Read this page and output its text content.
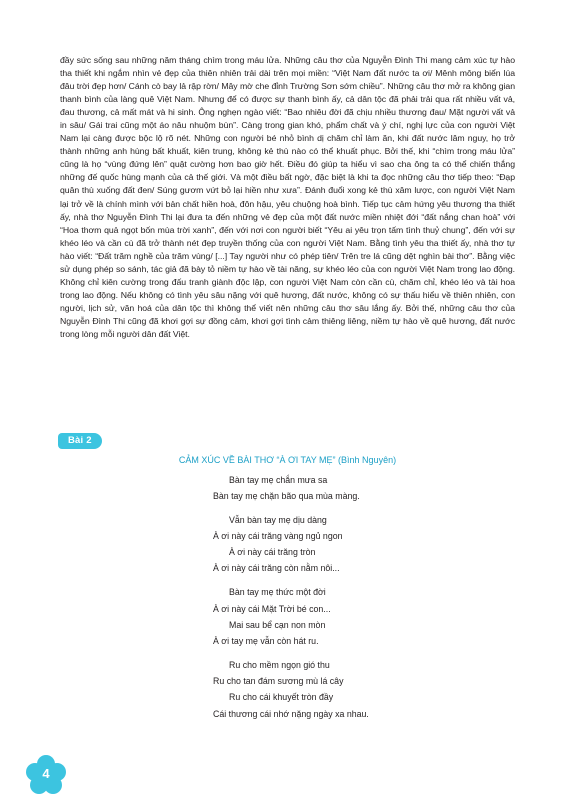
đầy sức sống sau những năm tháng chìm trong máu lửa. Những câu thơ của Nguyễn Đình Thi mang cảm xúc tự hào tha thiết khi ngắm nhìn vẻ đẹp của thiên nhiên trải dài trên mọi miền: “Việt Nam đất nước ta ơi/ Mênh mông biển lúa đâu trời đẹp hơn/ Cánh cò bay lả rập rờn/ Mây mờ che đỉnh Trường Sơn sớm chiều”. Những câu thơ mở ra không gian thanh bình của làng quê Việt Nam. Nhưng để có được sự thanh bình ấy, cả dân tộc đã phải trải qua rất nhiều vất vả, đau thương, cả mất mát và hi sinh. Ông nghẹn ngào viết: “Bao nhiêu đời đã chịu nhiều thương đau/ Mặt người vất vả in sâu/ Gái trai cũng một áo nâu nhuộm bùn”. Càng trong gian khó, phẩm chất và ý chí, nghị lực của con người Việt Nam lại càng được bộc lộ rõ nét. Những con người bé nhỏ bình dị chăm chỉ làm ăn, khi đất nước lâm nguy, họ trở thành những anh hùng bất khuất, kiên trung, không kẻ thù nào có thể khuất phục. Bởi thế, khi “chìm trong máu lửa” cũng là họ “vùng đứng lên” quật cường hơn bao giờ hết. Điều đó giúp ta hiểu vì sao cha ông ta có thể chiến thắng những đế quốc hùng mạnh của cả thế giới. Và một điều bất ngờ, đặc biệt là khi ta đọc những câu thơ tiếp theo: “Đạp quân thù xuống đất đen/ Súng gươm vứt bỏ lại hiền như xưa”. Đánh đuổi xong kẻ thù xâm lược, con người Việt Nam lại trở về là chính mình với bản chất hiền hoà, đôn hậu, yêu chuộng hoà bình. Tiếp tục cảm hứng yêu thương tha thiết ấy, nhà thơ Nguyễn Đình Thi lại đưa ta đến những vẻ đẹp của một đất nước miền nhiệt đới “đất nắng chan hoà” với “Hoa thơm quả ngọt bốn mùa trời xanh”, đến với nơi con người biết “Yêu ai yêu trọn tấm tình thuỷ chung”, đến với sự khéo léo và cần cù đã trở thành nét đẹp truyền thống của con người Việt Nam. Bằng tình yêu tha thiết ấy, nhà thơ tự hào viết: “Đất trăm nghề của trăm vùng/ [...] Tay người như có phép tiên/ Trên tre lá cũng dệt nghìn bài thơ”. Bằng việc sử dụng phép so sánh, tác giả đã bày tỏ niềm tự hào về tài năng, sự khéo léo của con người Việt Nam trong lao động. Không chỉ kiên cường trong đấu tranh giành độc lập, con người Việt Nam còn cần cù, chăm chỉ, khéo léo và tài hoa trong lao động. Nếu không có tình yêu sâu nặng với quê hương, đất nước, không có sự thấu hiểu về thiên nhiên, con người, lịch sử, văn hoá của dân tộc thì không thể viết nên những câu thơ sâu lắng ấy. Bởi thế, những câu thơ của Nguyễn Đình Thi cũng đã khơi gợi sự đồng cảm, khơi gợi tình cảm thiêng liêng, niềm tự hào về quê hương, đất nước trong lòng mỗi người dân đất Việt.

Bài 2
CẢM XÚC VỀ BÀI THƠ “À ƠI TAY MẸ” (Bình Nguyên)
Bàn tay mẹ chắn mưa sa
Bàn tay mẹ chặn bão qua mùa màng.
Vẫn bàn tay mẹ dịu dàng
À ơi này cái trăng vàng ngủ ngon
À ơi này cái trăng tròn
À ơi này cái trăng còn nằm nôi...
Bàn tay mẹ thức một đời
À ơi này cái Mặt Trời bé con...
Mai sau bể cạn non mòn
À ơi tay mẹ vẫn còn hát ru.
Ru cho mềm ngọn gió thu
Ru cho tan đám sương mù lá cây
Ru cho cái khuyết tròn đầy
Cái thương cái nhớ nặng ngày xa nhau.
4
